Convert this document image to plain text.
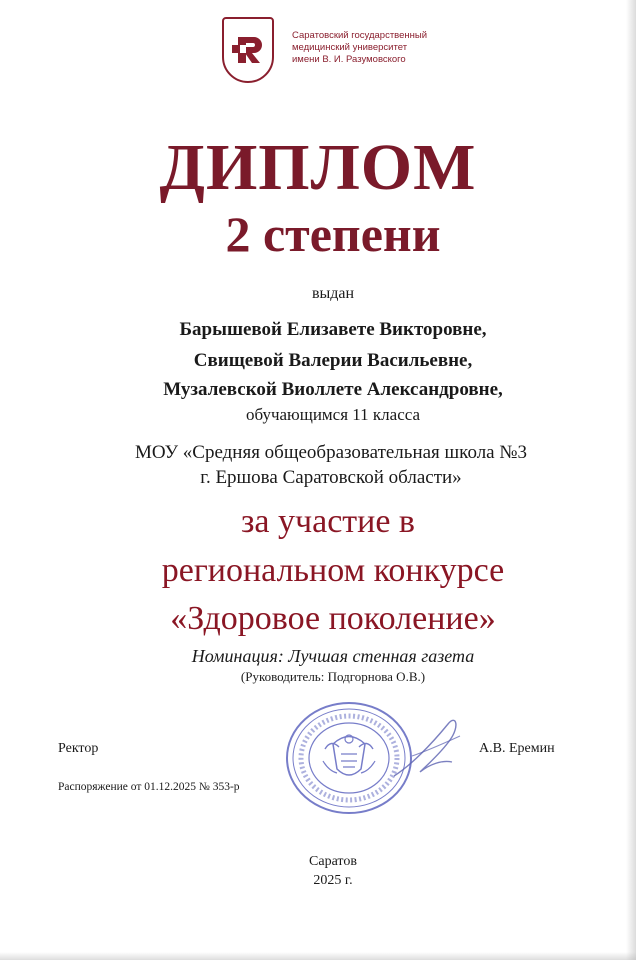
Саратовский государственный
медицинский университет
имени В. И. Разумовского
ДИПЛОМ
2 степени
выдан
Барышевой Елизавете Викторовне,
Свищевой Валерии Васильевне,
Музалевской Виоллете Александровне,
обучающимся 11 класса
МОУ «Средняя общеобразовательная школа №3
г. Ершова Саратовской области»
за участие в
региональном конкурсе
«Здоровое поколение»
Номинация: Лучшая стенная газета
(Руководитель: Подгорнова О.В.)
Ректор	А.В. Еремин
Распоряжение от 01.12.2025 № 353-р
Саратов
2025 г.
